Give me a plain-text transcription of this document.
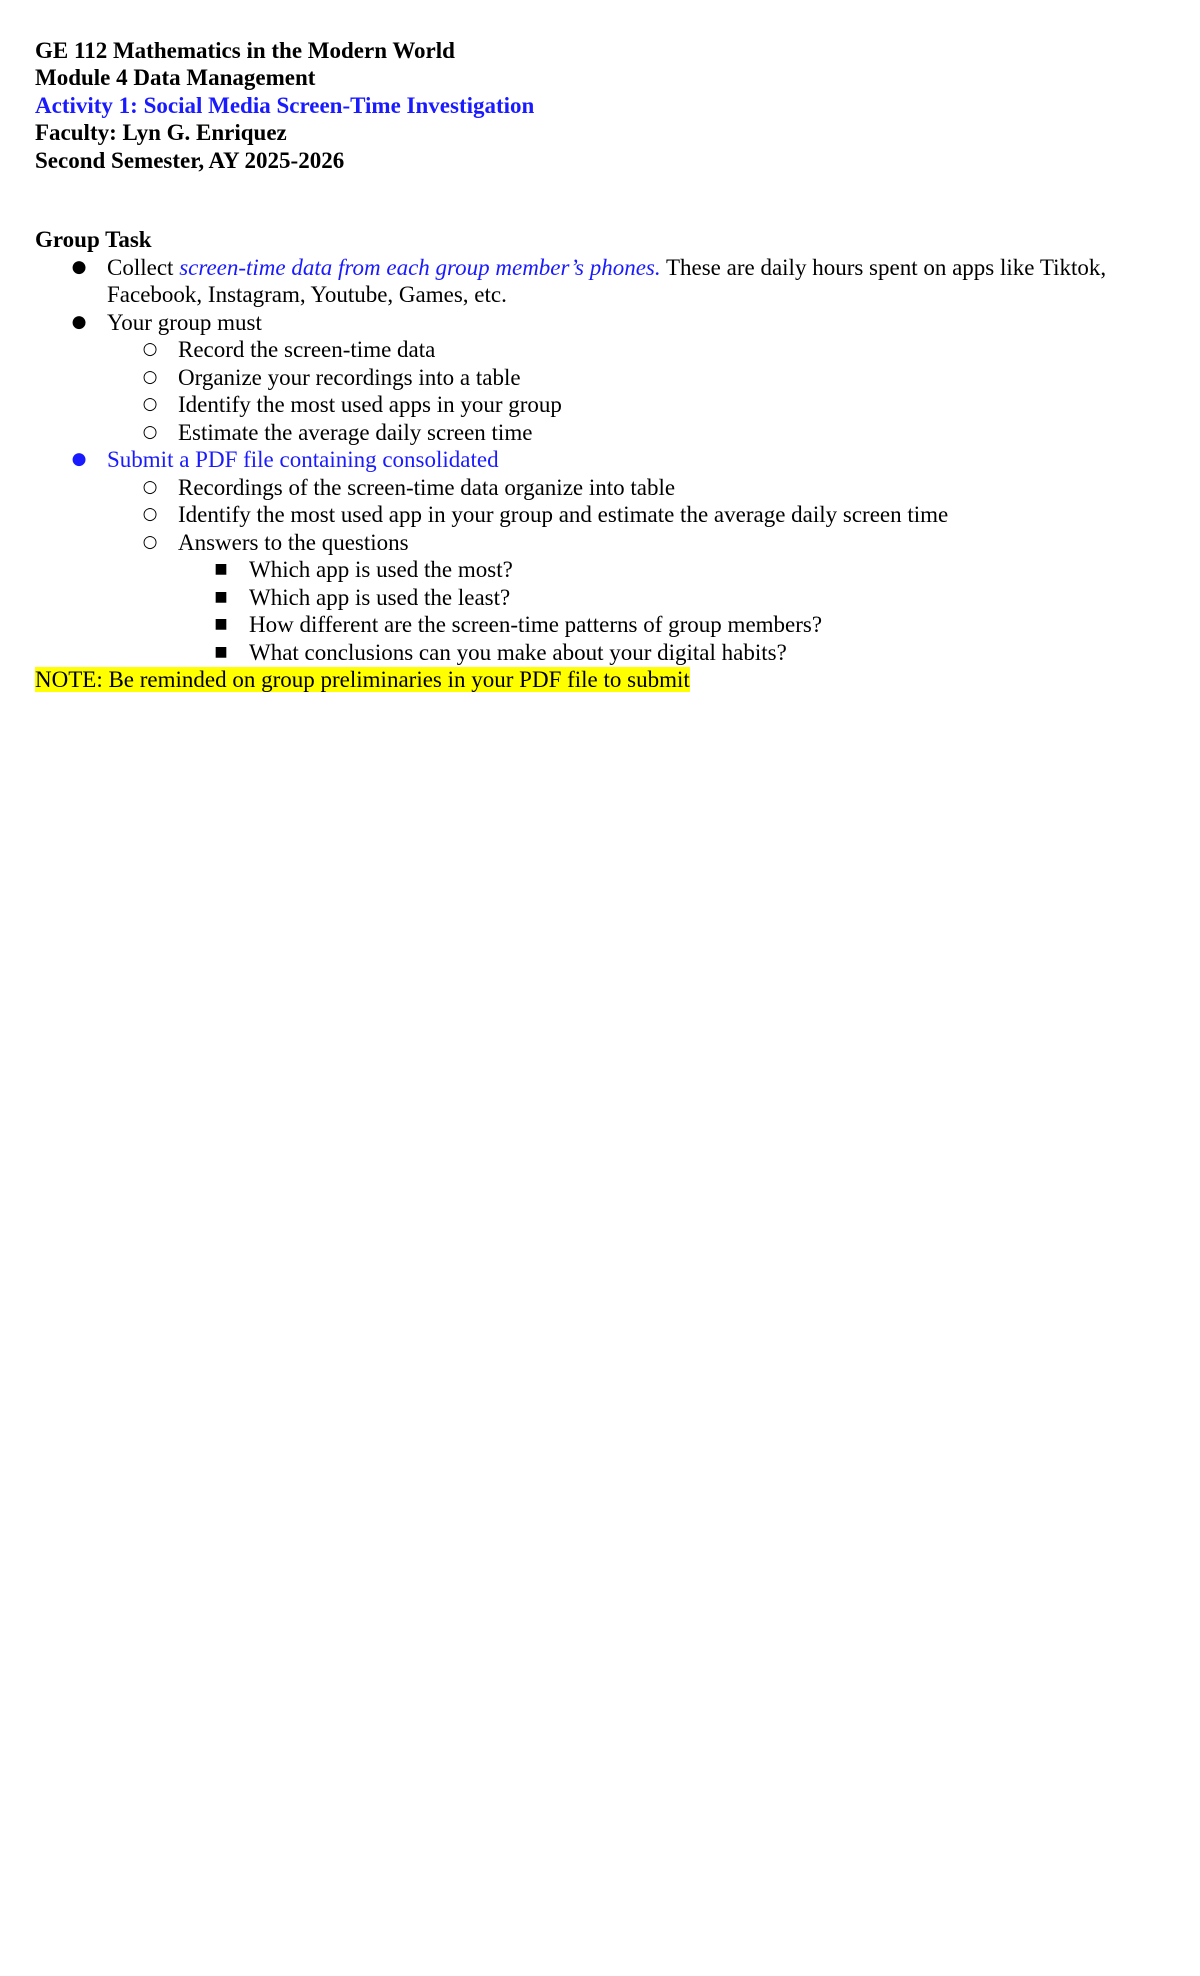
GE 112 Mathematics in the Modern World
Module 4 Data Management
Activity 1: Social Media Screen-Time Investigation
Faculty: Lyn G. Enriquez
Second Semester, AY 2025-2026
Group Task
● Collect screen-time data from each group member’s phones. These are daily hours spent on apps like Tiktok,
Facebook, Instagram, Youtube, Games, etc.
● Your group must
○ Record the screen-time data
○ Organize your recordings into a table
○ Identify the most used apps in your group
○ Estimate the average daily screen time
● Submit a PDF file containing consolidated
○ Recordings of the screen-time data organize into table
○ Identify the most used app in your group and estimate the average daily screen time
○ Answers to the questions
■ Which app is used the most?
■ Which app is used the least?
■ How different are the screen-time patterns of group members?
■ What conclusions can you make about your digital habits?
NOTE: Be reminded on group preliminaries in your PDF file to submit
